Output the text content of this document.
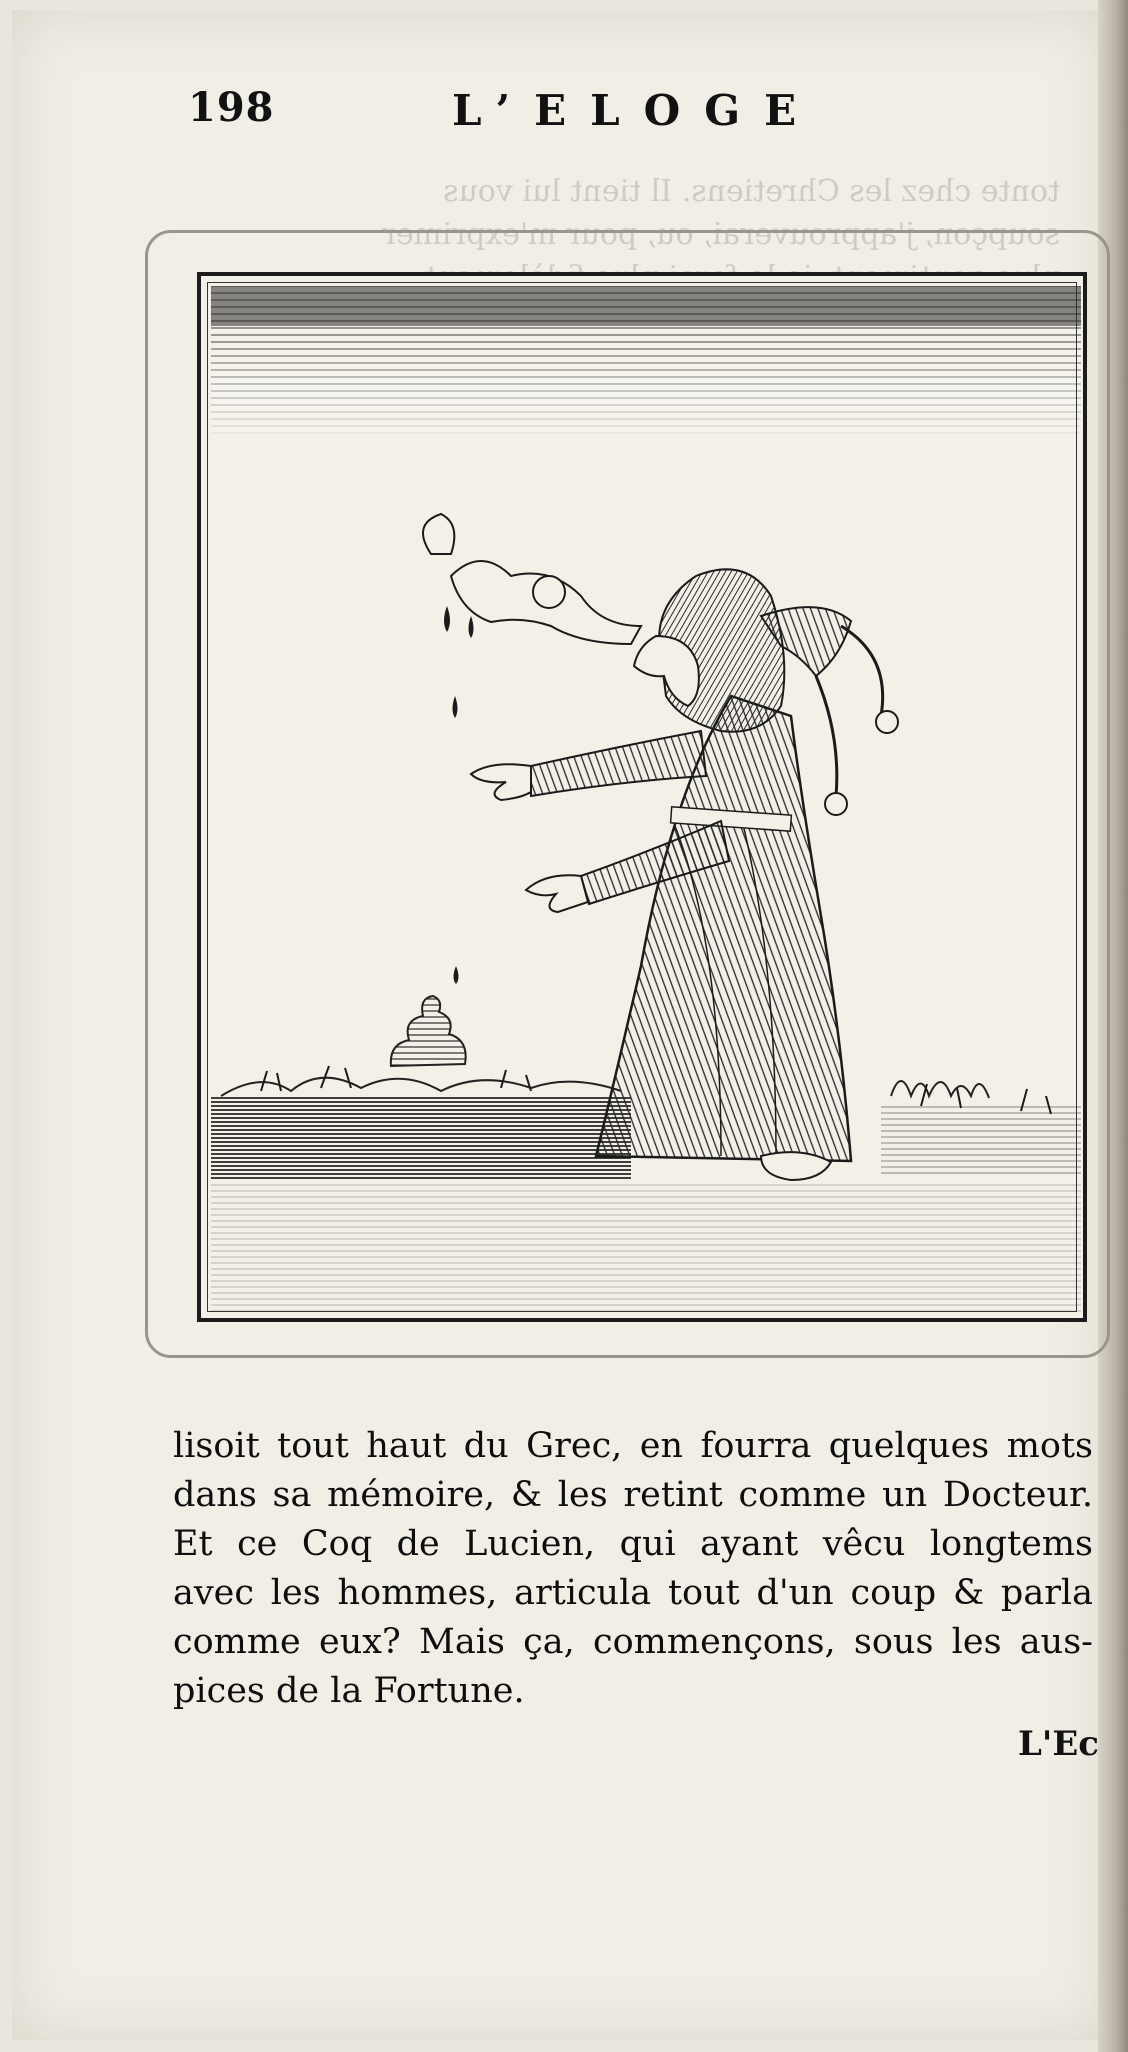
tonte chez les Chretiens. Il tient lui vous
soupçon, j'approuverai, ou, pour m'exprimer
198	L’ELOGE
lisoit tout haut du Grec, en fourra quelques mots
dans sa mémoire, & les retint comme un Docteur.
Et ce Coq de Lucien, qui ayant vêcu longtems
avec les hommes, articula tout d'un coup & parla
comme eux? Mais ça, commençons, sous les aus-
pices de la Fortune.
L'Ec
